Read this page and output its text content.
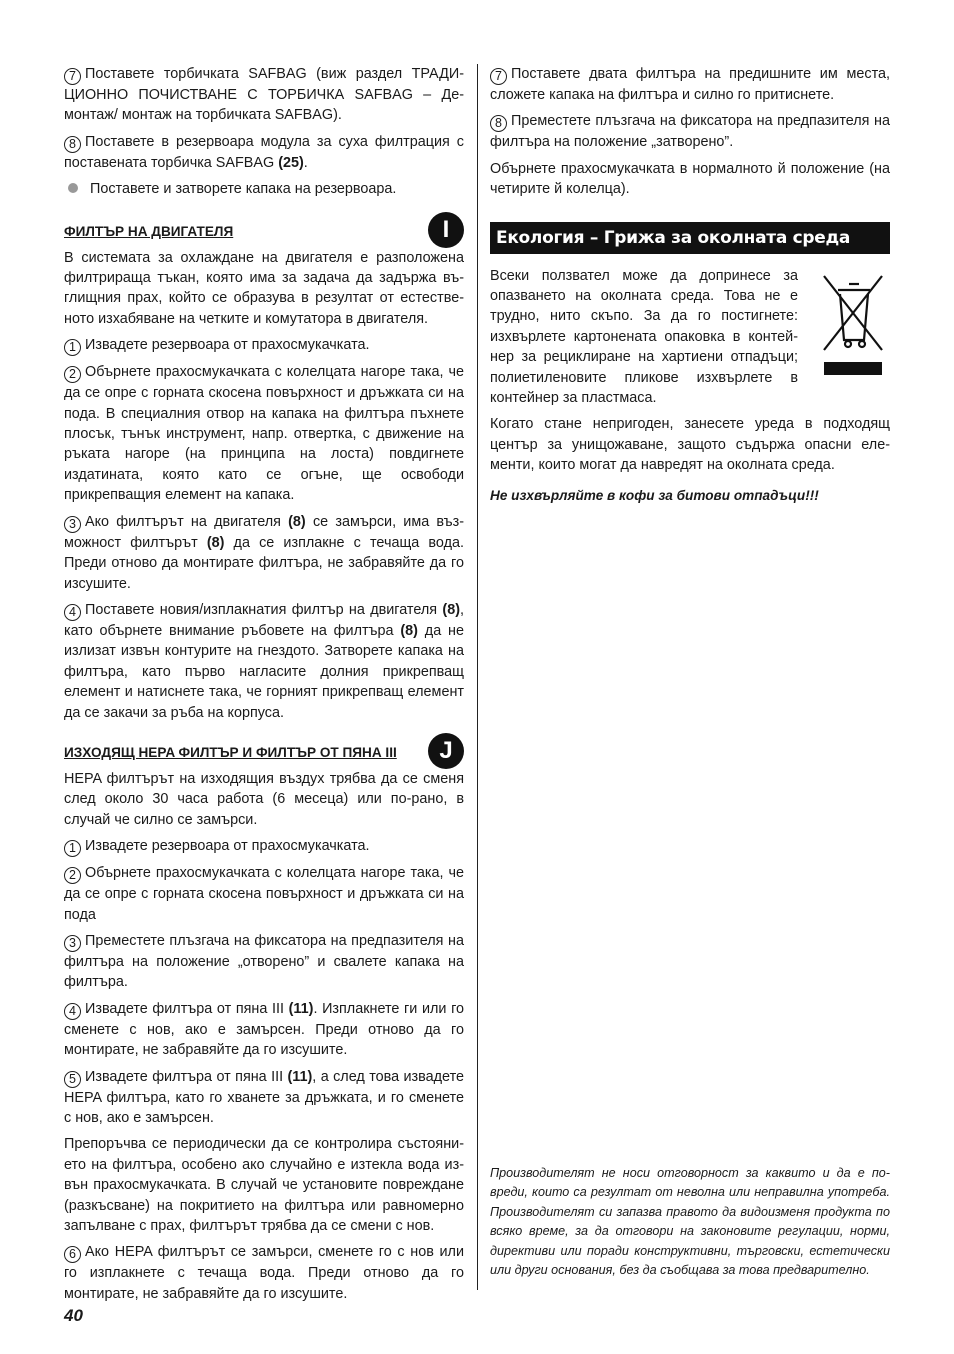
7 Поставете торбичката SAFBAG (виж раздел ТРАДИЦИОННО ПОЧИСТВАНЕ С ТОРБИЧКА SAFBAG – Демонтаж/ монтаж на торбичката SAFBAG).

8 Поставете в резервоара модула за суха филтрация с поставената торбичка SAFBAG (25).

Поставете и затворете капака на резервоара.

ФИЛТЪР НА ДВИГАТЕЛЯ	I

В системата за охлаждане на двигателя е разположена филтрираща тъкан, която има за задача да задържа въглищния прах, който се образува в резултат от естественото изхабяване на четките и комутатора в двигателя.

1 Извадете резервоара от прахосмукачката.

2 Обърнете прахосмукачката с колелцата нагоре така, че да се опре с горната скосена повърхност и дръжката си на пода. В специалния отвор на капака на филтъра пъхнете плосък, тънък инструмент, напр. отвертка, с движение на ръката нагоре (на принципа на лоста) повдигнете издатината, която като се огъне, ще освободи прикрепващия елемент на капака.

3 Ако филтърът на двигателя (8) се замърси, има възможност филтърът (8) да се изплакне с течаща вода. Преди отново да монтирате филтъра, не забравяйте да го изсушите.

4 Поставете новия/изплакнатия филтър на двигателя (8), като обърнете внимание ръбовете на филтъра (8) да не излизат извън контурите на гнездото. Затворете капака на филтъра, като първо нагласите долния прикрепващ елемент и натиснете така, че горният прикрепващ елемент да се закачи за ръба на корпуса.

ИЗХОДЯЩ HEPA ФИЛТЪР И ФИЛТЪР ОТ ПЯНА III	J

HEPA филтърът на изходящия въздух трябва да се сменя след около 30 часа работа (6 месеца) или по-рано, в случай че силно се замърси.

1 Извадете резервоара от прахосмукачката.

2 Обърнете прахосмукачката с колелцата нагоре така, че да се опре с горната скосена повърхност и дръжката си на пода

3 Преместете плъзгача на фиксатора на предпазителя на филтъра на положение „отворено” и свалете капака на филтъра.

4 Извадете филтъра от пяна III (11). Изплакнете ги или го сменете с нов, ако е замърсен. Преди отново да го монтирате, не забравяйте да го изсушите.

5 Извадете филтъра от пяна III (11), а след това извадете HEPA филтъра, като го хванете за дръжката, и го сменете с нов, ако е замърсен.

Препоръчва се периодически да се контролира състоянието на филтъра, особено ако случайно е изтекла вода извън прахосмукачката. В случай че установите повреждане (разкъсване) на покритието на филтъра или равномерно запълване с прах, филтърът трябва да се смени с нов.

6 Ако HEPA филтърът се замърси, сменете го с нов или го изплакнете с течаща вода. Преди отново да го монтирате, не забравяйте да го изсушите.

7 Поставете двата филтъра на предишните им места, сложете капака на филтъра и силно го притиснете.

8 Преместете плъзгача на фиксатора на предпазителя на филтъра на положение „затворено”.

Обърнете прахосмукачката в нормалното й положение (на четирите й колелца).

Екология – Грижа за околната среда

Всеки ползвател може да допринесе за опазването на околната среда. Това не е трудно, нито скъпо. За да го постигнете: изхвърлете картонената опаковка в контейнер за рециклиране на хартиени отпадъци; полиетиленовите пликове изхвърлете в контейнер за пластмаса.

Когато стане непригоден, занесете уреда в подходящ център за унищожаване, защото съдържа опасни елементи, които могат да навредят на околната среда.

Не изхвърляйте в кофи за битови отпадъци!!!

Производителят не носи отговорност за каквито и да е повреди, които са резултат от неволна или неправилна употреба. Производителят си запазва правото да видоизменя продукта по всяко време, за да отговори на законовите регулации, норми, директиви или поради конструктивни, търговски, естетически или други основания, без да съобщава за това предварително.
40
